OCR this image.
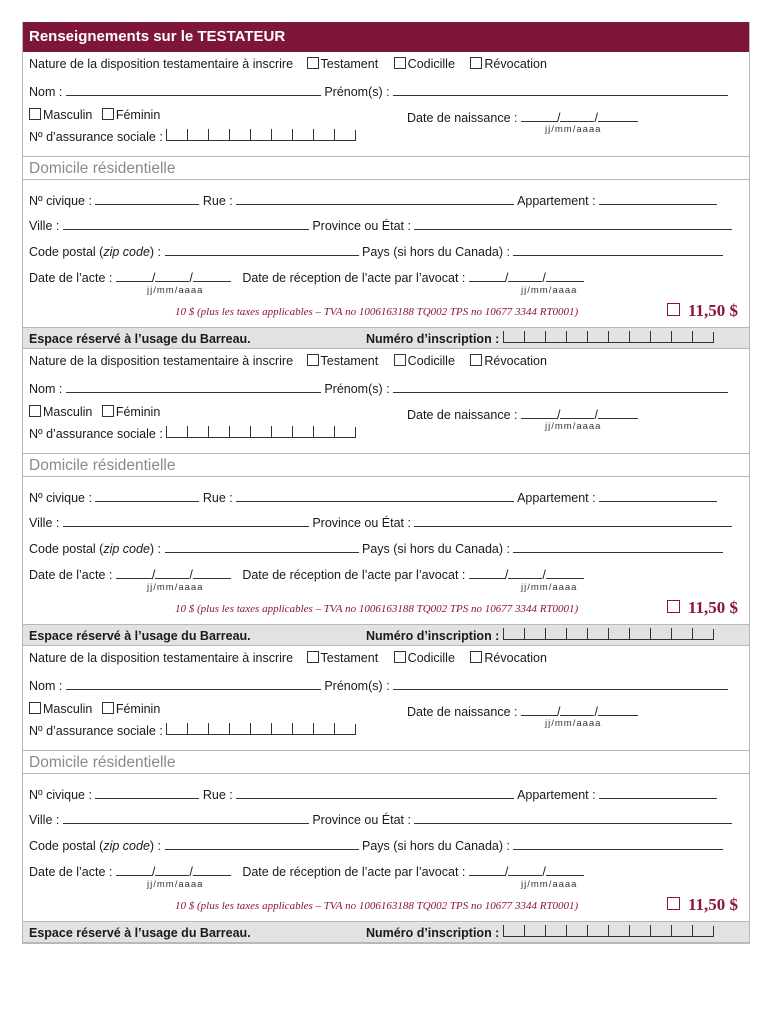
Renseignements sur le TESTATEUR
Nature de la disposition testamentaire à inscrire Testament Codicille Révocation
Nom :	Prénom(s) :
Masculin Féminin	Date de naissance :	/	/
jj/mm/aaaa
Nº d’assurance sociale :
Domicile résidentielle
Nº civique :	Rue :	Appartement :
Ville :	Province ou État :
Code postal (zip code) :	Pays (si hors du Canada) :
Date de l’acte :	/	/	Date de réception de l’acte par l’avocat :	/	/
jj/mm/aaaa	jj/mm/aaaa
10 $ (plus les taxes applicables – TVA no 1006163188 TQ002 TPS no 10677 3344 RT0001)	11,50 $
Espace réservé à l’usage du Barreau.	Numéro d’inscription :
Nature de la disposition testamentaire à inscrire Testament Codicille Révocation
Nom :	Prénom(s) :
Masculin Féminin	Date de naissance :	/	/
jj/mm/aaaa
Nº d’assurance sociale :
Domicile résidentielle
Nº civique :	Rue :	Appartement :
Ville :	Province ou État :
Code postal (zip code) :	Pays (si hors du Canada) :
Date de l’acte :	/	/	Date de réception de l’acte par l’avocat :	/	/
jj/mm/aaaa	jj/mm/aaaa
10 $ (plus les taxes applicables – TVA no 1006163188 TQ002 TPS no 10677 3344 RT0001)	11,50 $
Espace réservé à l’usage du Barreau.	Numéro d’inscription :
Nature de la disposition testamentaire à inscrire Testament Codicille Révocation
Nom :	Prénom(s) :
Masculin Féminin	Date de naissance :	/	/
jj/mm/aaaa
Nº d’assurance sociale :
Domicile résidentielle
Nº civique :	Rue :	Appartement :
Ville :	Province ou État :
Code postal (zip code) :	Pays (si hors du Canada) :
Date de l’acte :	/	/	Date de réception de l’acte par l’avocat :	/	/
jj/mm/aaaa	jj/mm/aaaa
10 $ (plus les taxes applicables – TVA no 1006163188 TQ002 TPS no 10677 3344 RT0001)	11,50 $
Espace réservé à l’usage du Barreau.	Numéro d’inscription :
